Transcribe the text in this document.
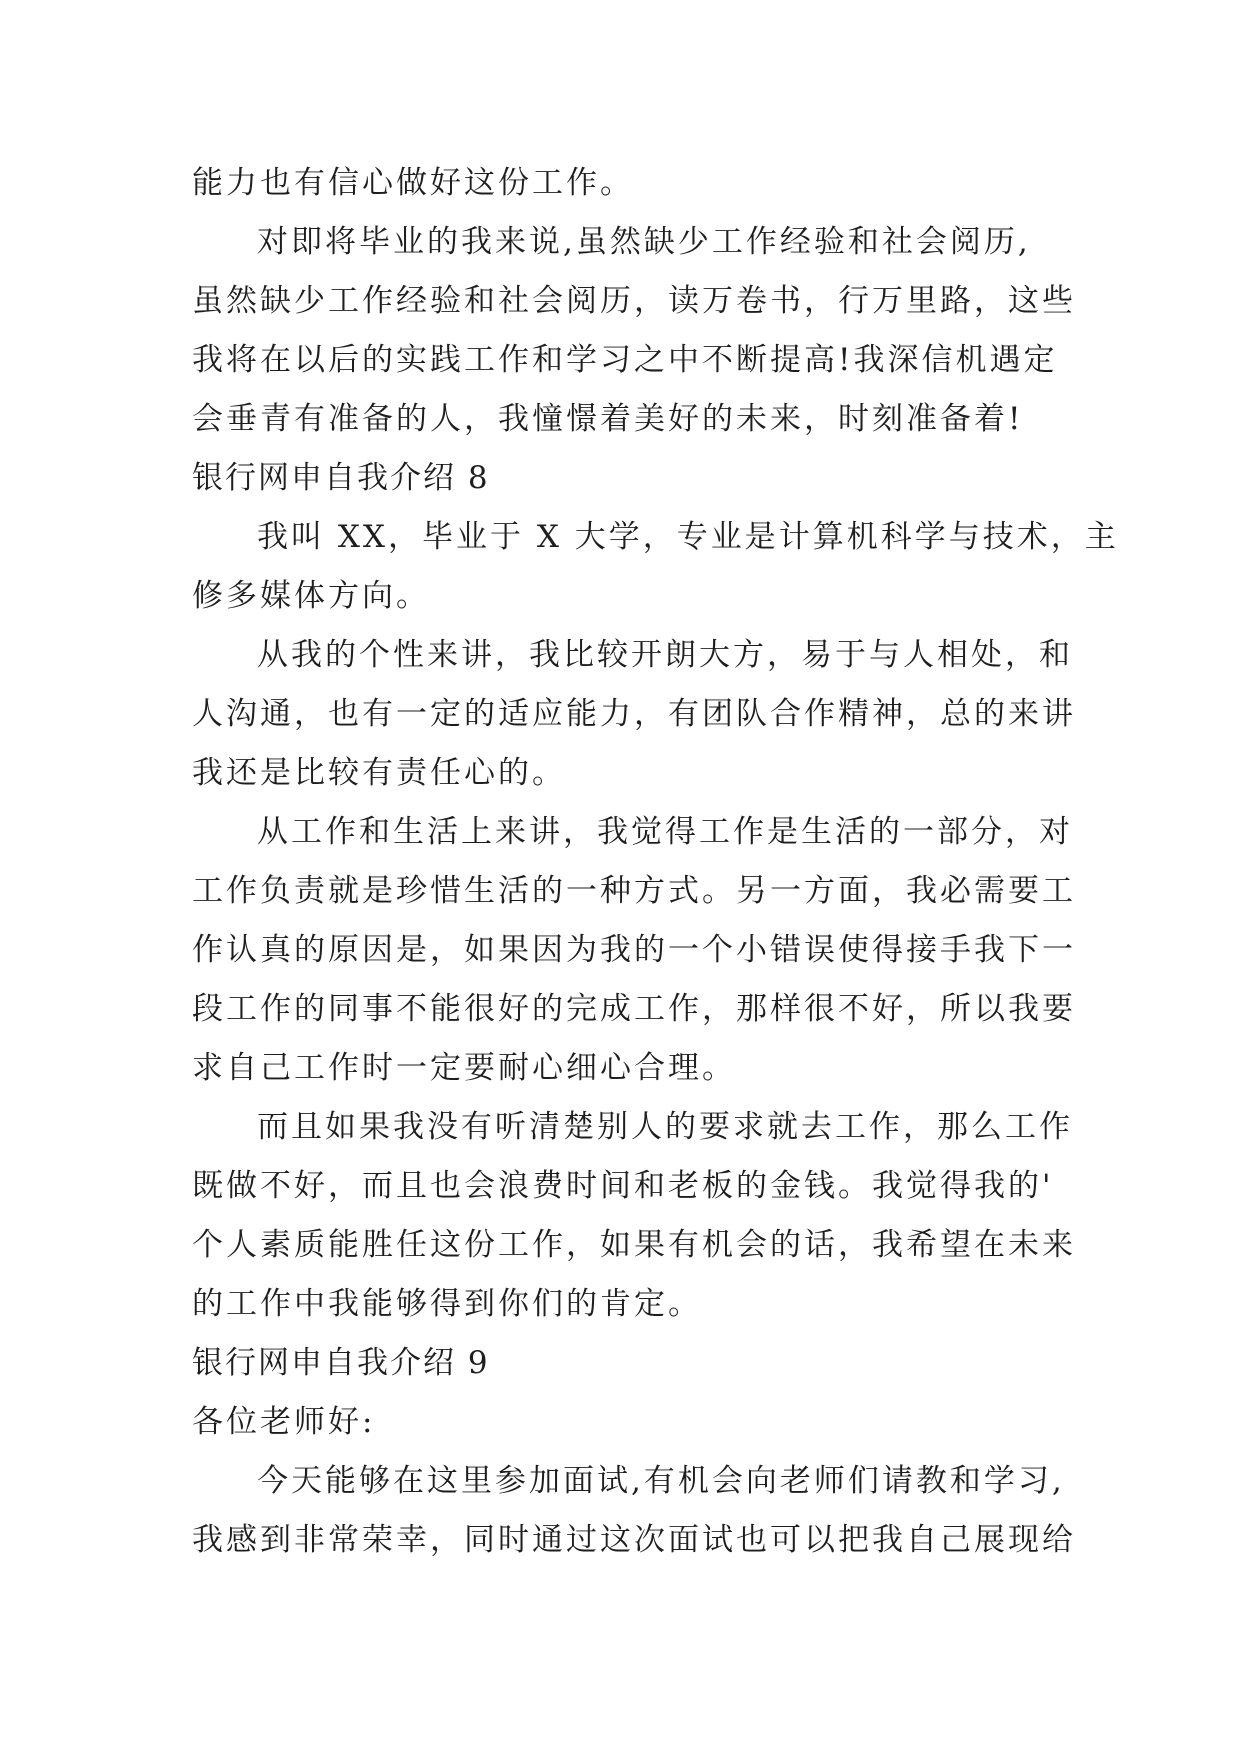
能力也有信心做好这份工作。
对即将毕业的我来说,虽然缺少工作经验和社会阅历,
虽然缺少工作经验和社会阅历，读万卷书，行万里路，这些
我将在以后的实践工作和学习之中不断提高!我深信机遇定
会垂青有准备的人，我憧憬着美好的未来，时刻准备着!
银行网申自我介绍 8
我叫 XX，毕业于 X 大学，专业是计算机科学与技术，主
修多媒体方向。
从我的个性来讲，我比较开朗大方，易于与人相处，和
人沟通，也有一定的适应能力，有团队合作精神，总的来讲
我还是比较有责任心的。
从工作和生活上来讲，我觉得工作是生活的一部分，对
工作负责就是珍惜生活的一种方式。另一方面，我必需要工
作认真的原因是，如果因为我的一个小错误使得接手我下一
段工作的同事不能很好的完成工作，那样很不好，所以我要
求自己工作时一定要耐心细心合理。
而且如果我没有听清楚别人的要求就去工作，那么工作
既做不好，而且也会浪费时间和老板的金钱。我觉得我的'
个人素质能胜任这份工作，如果有机会的话，我希望在未来
的工作中我能够得到你们的肯定。
银行网申自我介绍 9
各位老师好:
今天能够在这里参加面试,有机会向老师们请教和学习,
我感到非常荣幸，同时通过这次面试也可以把我自己展现给
